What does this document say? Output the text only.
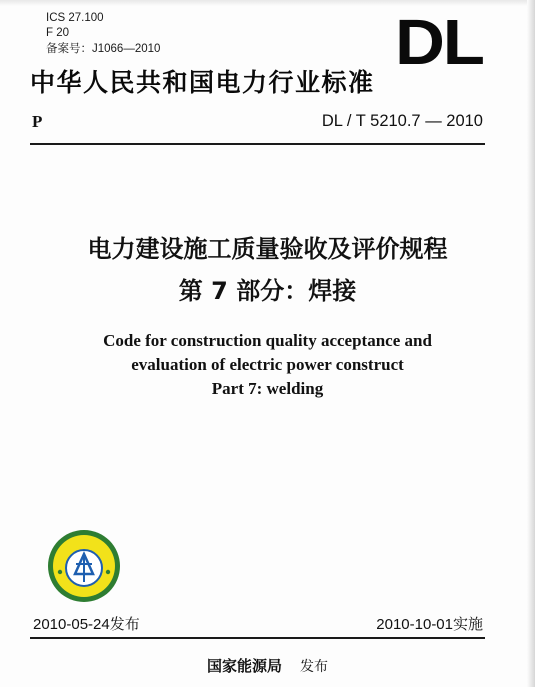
ICS 27.100
F 20
备案号：J1066—2010	DL
中华人民共和国电力行业标准
P	DL / T 5210.7 — 2010
电力建设施工质量验收及评价规程
第 7 部分：焊接
Code for construction quality acceptance and
evaluation of electric power construct
Part 7: welding
2010-05-24发布	2010-10-01实施
国家能源局 发布
